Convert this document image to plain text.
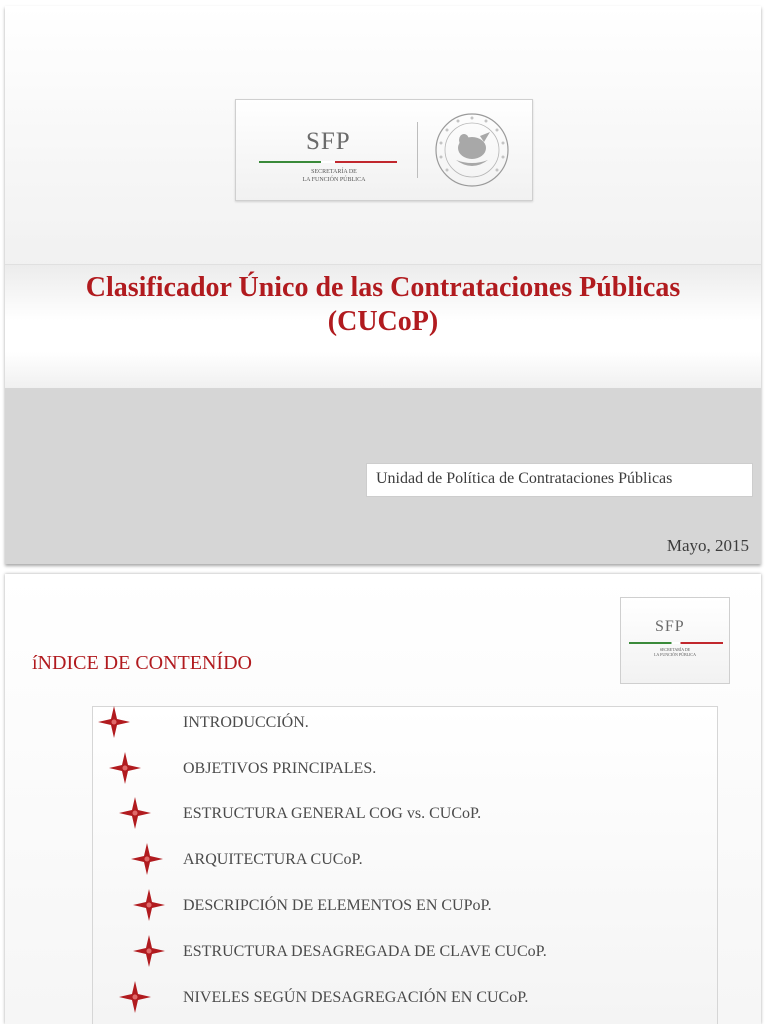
SFP
SECRETARÍA DE
LA FUNCIÓN PÚBLICA
Clasificador Único de las Contrataciones Públicas
(CUCoP)
Unidad de Política de Contrataciones Públicas
Mayo, 2015
SFP
SECRETARÍA DE
LA FUNCIÓN PÚBLICA
íNDICE DE CONTENÍDO
INTRODUCCIÓN.
OBJETIVOS PRINCIPALES.
ESTRUCTURA GENERAL COG vs. CUCoP.
ARQUITECTURA CUCoP.
DESCRIPCIÓN DE ELEMENTOS EN CUPoP.
ESTRUCTURA DESAGREGADA DE CLAVE CUCoP.
NIVELES SEGÚN DESAGREGACIÓN EN CUCoP.
